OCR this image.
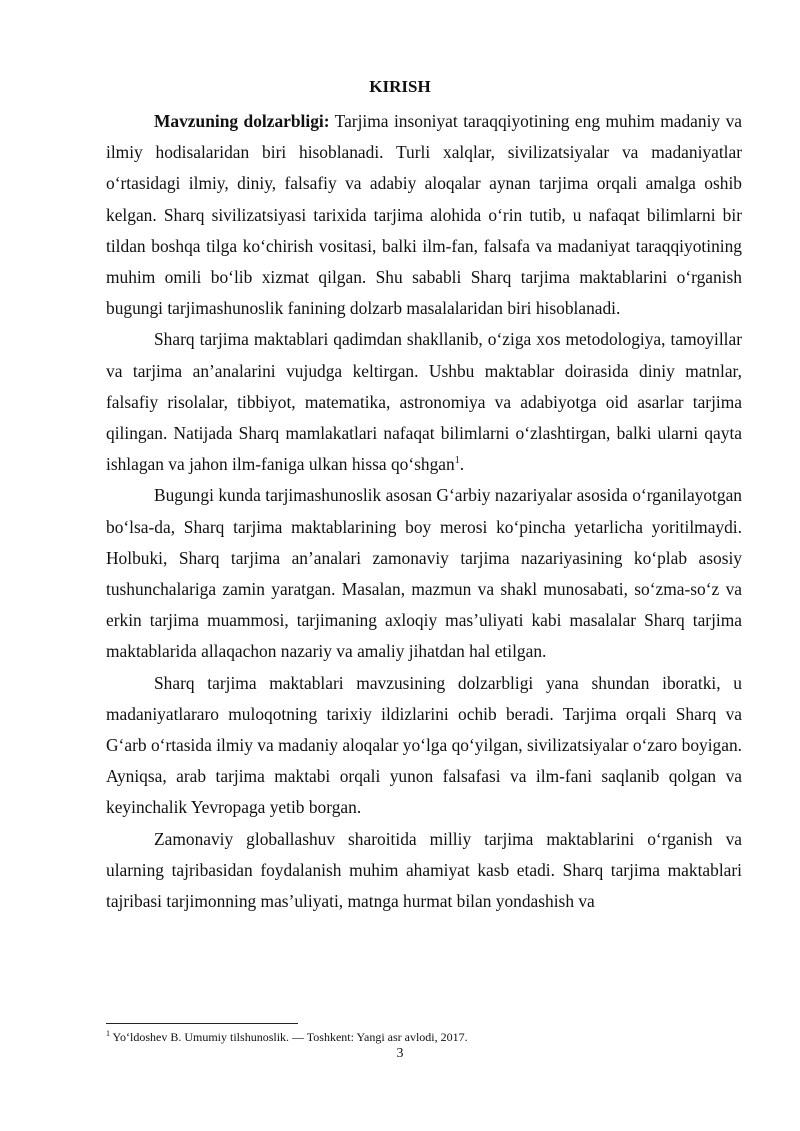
KIRISH

Mavzuning dolzarbligi: Tarjima insoniyat taraqqiyotining eng muhim madaniy va ilmiy hodisalaridan biri hisoblanadi. Turli xalqlar, sivilizatsiyalar va madaniyatlar o‘rtasidagi ilmiy, diniy, falsafiy va adabiy aloqalar aynan tarjima orqali amalga oshib kelgan. Sharq sivilizatsiyasi tarixida tarjima alohida o‘rin tutib, u nafaqat bilimlarni bir tildan boshqa tilga ko‘chirish vositasi, balki ilm-fan, falsafa va madaniyat taraqqiyotining muhim omili bo‘lib xizmat qilgan. Shu sababli Sharq tarjima maktablarini o‘rganish bugungi tarjimashunoslik fanining dolzarb masalalaridan biri hisoblanadi.

Sharq tarjima maktablari qadimdan shakllanib, o‘ziga xos metodologiya, tamoyillar va tarjima an’analarini vujudga keltirgan. Ushbu maktablar doirasida diniy matnlar, falsafiy risolalar, tibbiyot, matematika, astronomiya va adabiyotga oid asarlar tarjima qilingan. Natijada Sharq mamlakatlari nafaqat bilimlarni o‘zlashtirgan, balki ularni qayta ishlagan va jahon ilm-faniga ulkan hissa qo‘shgan$^1$.

Bugungi kunda tarjimashunoslik asosan G‘arbiy nazariyalar asosida o‘rganilayotgan bo‘lsa-da, Sharq tarjima maktablarining boy merosi ko‘pincha yetarlicha yoritilmaydi. Holbuki, Sharq tarjima an’analari zamonaviy tarjima nazariyasining ko‘plab asosiy tushunchalariga zamin yaratgan. Masalan, mazmun va shakl munosabati, so‘zma-so‘z va erkin tarjima muammosi, tarjimaning axloqiy mas’uliyati kabi masalalar Sharq tarjima maktablarida allaqachon nazariy va amaliy jihatdan hal etilgan.

Sharq tarjima maktablari mavzusining dolzarbligi yana shundan iboratki, u madaniyatlararo muloqotning tarixiy ildizlarini ochib beradi. Tarjima orqali Sharq va G‘arb o‘rtasida ilmiy va madaniy aloqalar yo‘lga qo‘yilgan, sivilizatsiyalar o‘zaro boyigan. Ayniqsa, arab tarjima maktabi orqali yunon falsafasi va ilm-fani saqlanib qolgan va keyinchalik Yevropaga yetib borgan.

Zamonaviy globallashuv sharoitida milliy tarjima maktablarini o‘rganish va ularning tajribasidan foydalanish muhim ahamiyat kasb etadi. Sharq tarjima maktablari tajribasi tarjimonning mas’uliyati, matnga hurmat bilan yondashish va

$^1$ Yo‘ldoshev B. Umumiy tilshunoslik. — Toshkent: Yangi asr avlodi, 2017.
3
